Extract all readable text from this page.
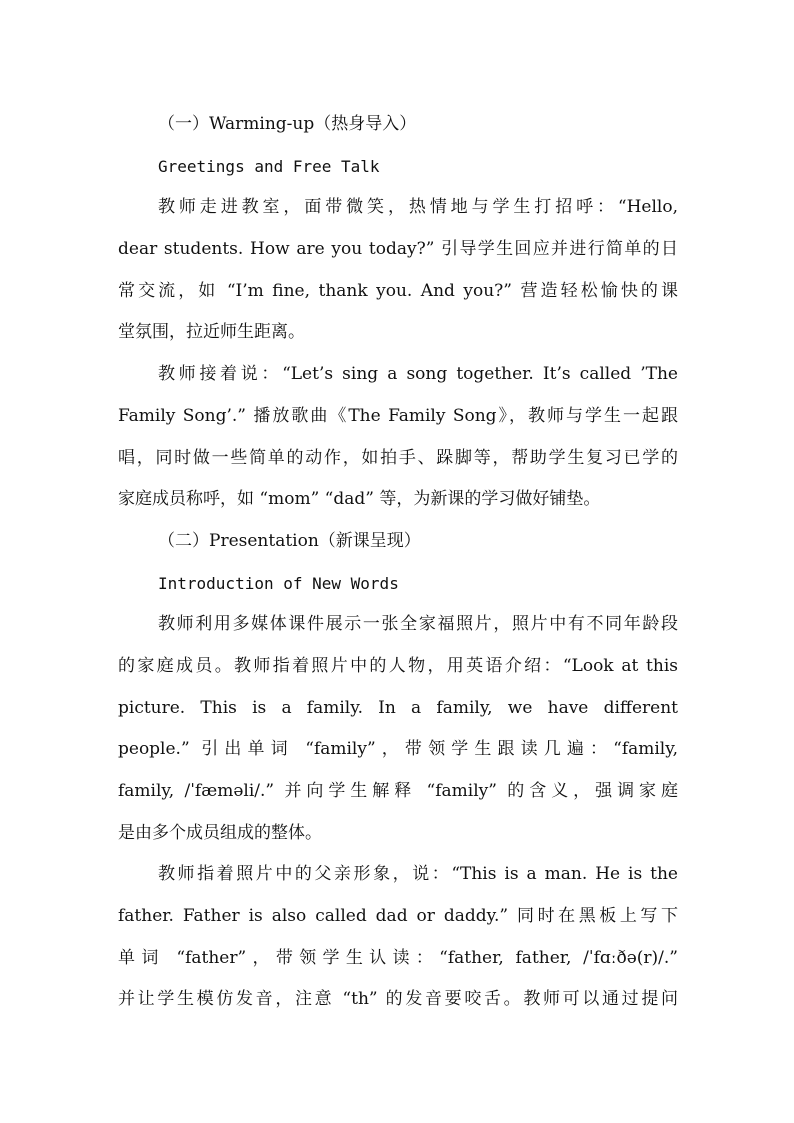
（一）Warming-up（热身导入）
Greetings and Free Talk
教师走进教室，面带微笑，热情地与学生打招呼：“Hello,
dear students. How are you today?” 引导学生回应并进行简单的日
常交流，如 “I’m fine, thank you. And you?” 营造轻松愉快的课
堂氛围，拉近师生距离。
教师接着说：“Let’s sing a song together. It’s called ’The
Family Song’.” 播放歌曲《The Family Song》，教师与学生一起跟
唱，同时做一些简单的动作，如拍手、跺脚等，帮助学生复习已学的
家庭成员称呼，如 “mom” “dad” 等，为新课的学习做好铺垫。
（二）Presentation（新课呈现）
Introduction of New Words
教师利用多媒体课件展示一张全家福照片，照片中有不同年龄段
的家庭成员。教师指着照片中的人物，用英语介绍：“Look at this
picture. This is a family. In a family, we have different
people.” 引出单词 “family”，带领学生跟读几遍：“family,
family, /ˈfæməli/.” 并向学生解释 “family” 的含义，强调家庭
是由多个成员组成的整体。
教师指着照片中的父亲形象，说：“This is a man. He is the
father. Father is also called dad or daddy.” 同时在黑板上写下
单词 “father”，带领学生认读：“father, father, /ˈfɑːðə(r)/.”
并让学生模仿发音，注意 “th” 的发音要咬舌。教师可以通过提问
